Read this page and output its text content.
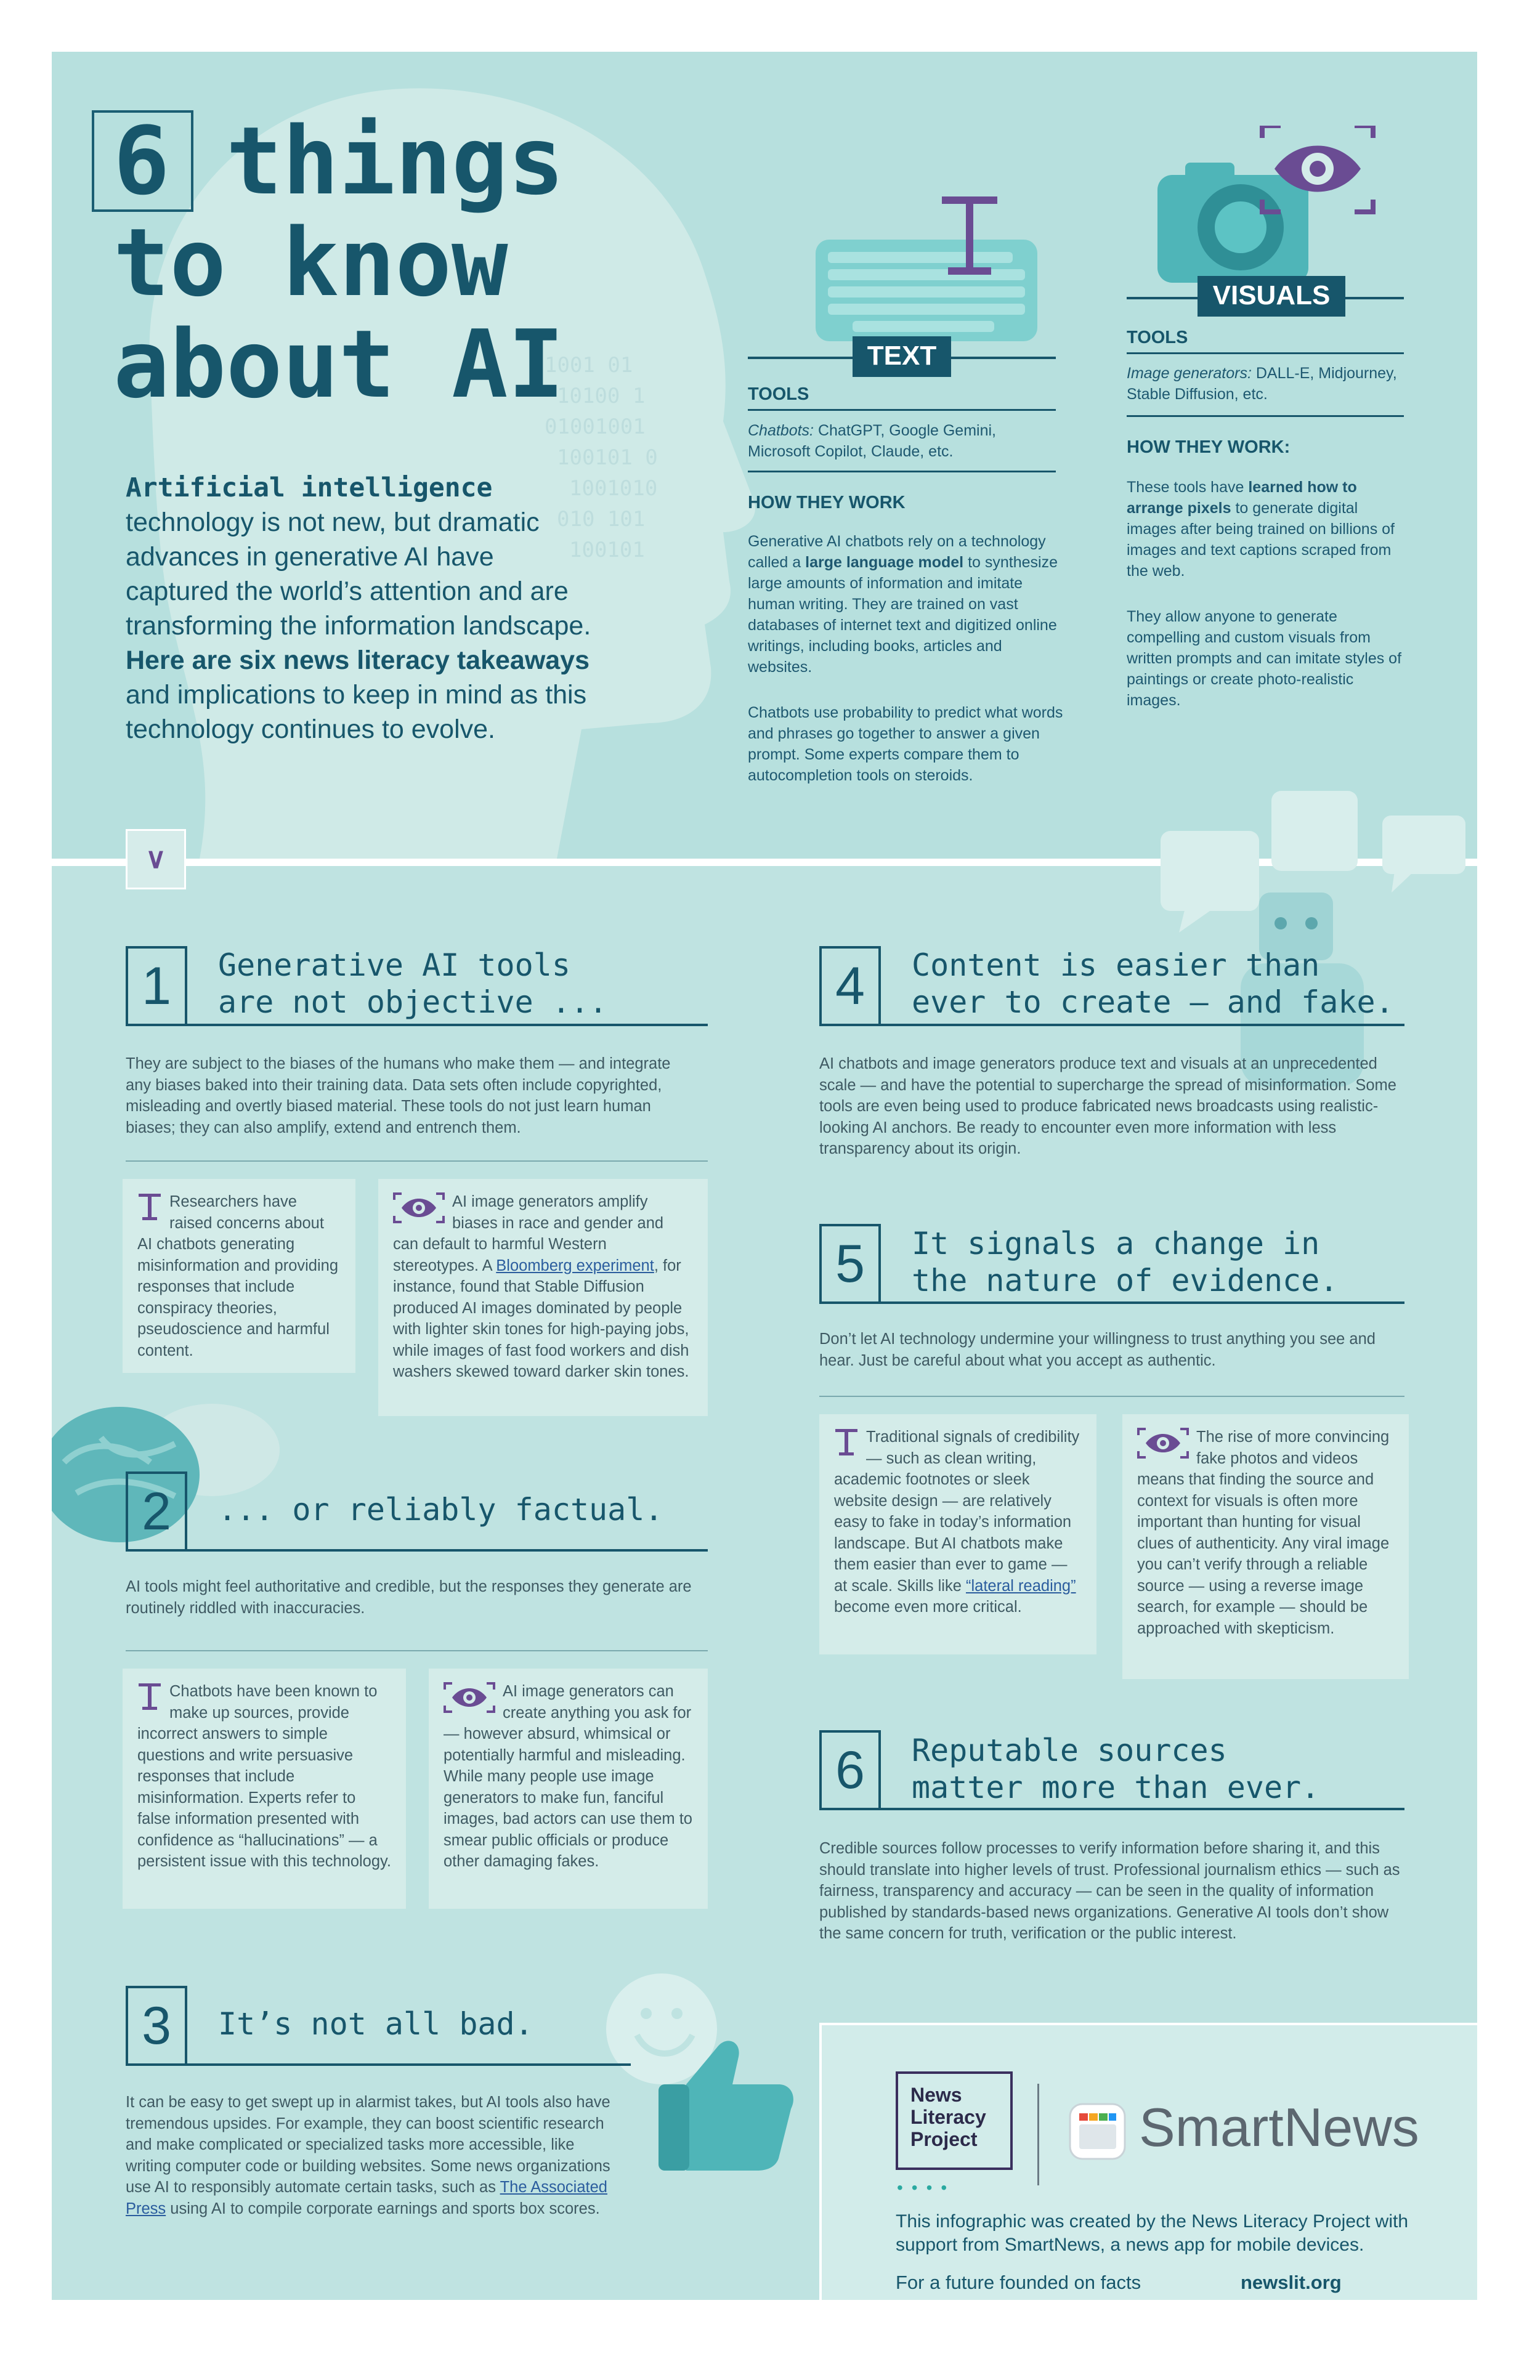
1001 01
10100 1
01001001
100101 0
1001010
010 101
100101
6 things
to know
about AI
Artificial intelligence technology is not new, but dramatic advances in generative AI have captured the world’s attention and are transforming the information landscape. Here are six news literacy takeaways and implications to keep in mind as this technology continues to evolve.
TEXT
TOOLS
Chatbots: ChatGPT, Google Gemini, Microsoft Copilot, Claude, etc.
HOW THEY WORK
Generative AI chatbots rely on a technology called a large language model to synthesize large amounts of information and imitate human writing. They are trained on vast databases of internet text and digitized online writings, including books, articles and websites.
Chatbots use probability to predict what words and phrases go together to answer a given prompt. Some experts compare them to autocompletion tools on steroids.
VISUALS
TOOLS
Image generators: DALL-E, Midjourney, Stable Diffusion, etc.
HOW THEY WORK:
These tools have learned how to arrange pixels to generate digital images after being trained on billions of images and text captions scraped from the web.
They allow anyone to generate compelling and custom visuals from written prompts and can imitate styles of paintings or create photo-realistic images.
∨
1	Generative AI tools
are not objective ...
They are subject to the biases of the humans who make them — and integrate any biases baked into their training data. Data sets often include copyrighted, misleading and overtly biased material. These tools do not just learn human biases; they can also amplify, extend and entrench them.
Researchers have raised concerns about AI chatbots generating misinformation and providing responses that include conspiracy theories, pseudoscience and harmful content.
AI image generators amplify biases in race and gender and can default to harmful Western stereotypes. A Bloomberg experiment, for instance, found that Stable Diffusion produced AI images dominated by people with lighter skin tones for high-paying jobs, while images of fast food workers and dish washers skewed toward darker skin tones.
2	... or reliably factual.
AI tools might feel authoritative and credible, but the responses they generate are routinely riddled with inaccuracies.
Chatbots have been known to make up sources, provide incorrect answers to simple questions and write persuasive responses that include misinformation. Experts refer to false information presented with confidence as “hallucinations” — a persistent issue with this technology.
AI image generators can create anything you ask for — however absurd, whimsical or potentially harmful and misleading. While many people use image generators to make fun, fanciful images, bad actors can use them to smear public officials or produce other damaging fakes.
3	It’s not all bad.
It can be easy to get swept up in alarmist takes, but AI tools also have tremendous upsides. For example, they can boost scientific research and make complicated or specialized tasks more accessible, like writing computer code or building websites. Some news organizations use AI to responsibly automate certain tasks, such as The Associated Press using AI to compile corporate earnings and sports box scores.
4	Content is easier than
ever to create — and fake.
AI chatbots and image generators produce text and visuals at an unprecedented scale — and have the potential to supercharge the spread of misinformation. Some tools are even being used to produce fabricated news broadcasts using realistic-looking AI anchors. Be ready to encounter even more information with less transparency about its origin.
5	It signals a change in
the nature of evidence.
Don’t let AI technology undermine your willingness to trust anything you see and hear. Just be careful about what you accept as authentic.
Traditional signals of credibility — such as clean writing, academic footnotes or sleek website design — are relatively easy to fake in today’s information landscape. But AI chatbots make them easier than ever to game — at scale. Skills like “lateral reading” become even more critical.
The rise of more convincing fake photos and videos means that finding the source and context for visuals is often more important than hunting for visual clues of authenticity. Any viral image you can’t verify through a reliable source — using a reverse image search, for example — should be approached with skepticism.
6	Reputable sources
matter more than ever.
Credible sources follow processes to verify information before sharing it, and this should translate into higher levels of trust. Professional journalism ethics — such as fairness, transparency and accuracy — can be seen in the quality of information published by standards-based news organizations. Generative AI tools don’t show the same concern for truth, verification or the public interest.
News
Literacy
Project
••••
SmartNews
This infographic was created by the News Literacy Project with support from SmartNews, a news app for mobile devices.
For a future founded on facts	newslit.org
